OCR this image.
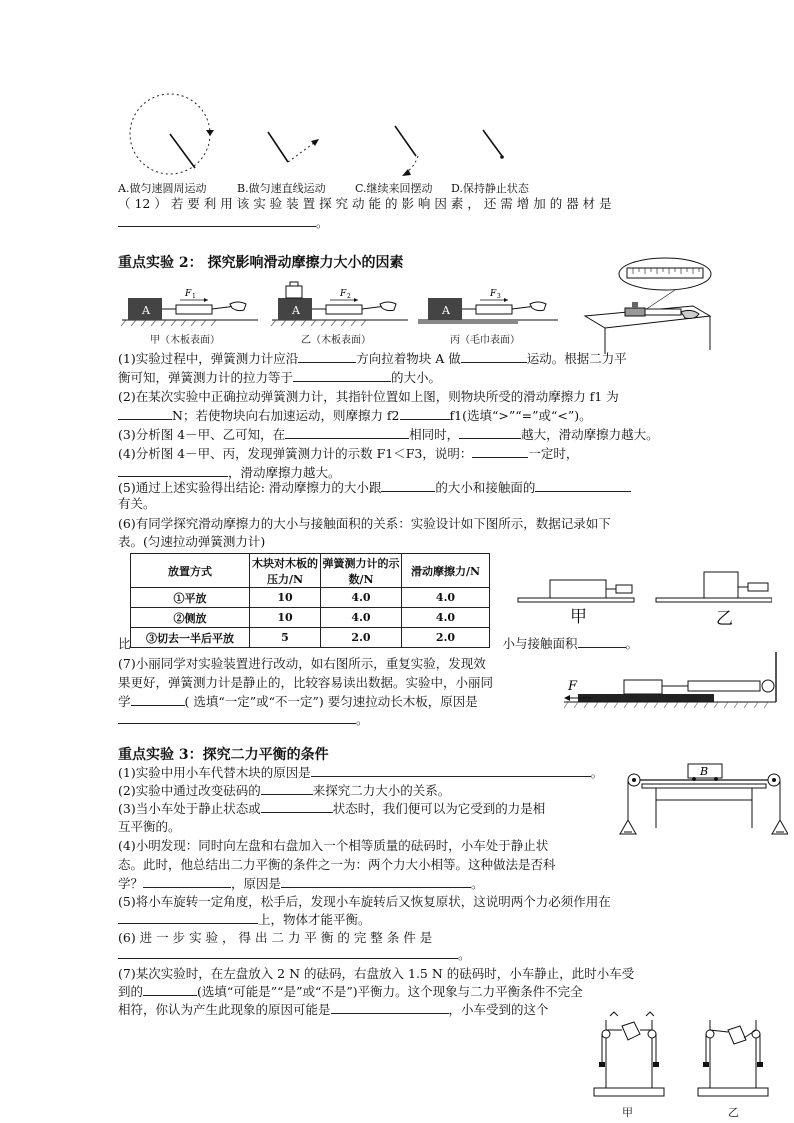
A.做匀速圆周运动	B.做匀速直线运动	C.继续来回摆动 D.保持静止状态
（ 12 ） 若 要 利 用 该 实 验 装 置 探 究 动 能 的 影 响 因 素 ， 还 需 增 加 的 器 材 是
。
重点实验 2： 探究影响滑动摩擦力大小的因素
A
F 1
A
F 2
A
F 3
甲（木板表面）	乙（木板表面）	丙（毛巾表面）
(1)实验过程中，弹簧测力计应沿	方向拉着物块 A 做	运动。根据二力平
衡可知，弹簧测力计的拉力等于	的大小。
(2)在某次实验中正确拉动弹簧测力计，其指针位置如上图，则物块所受的滑动摩擦力 f1 为
N；若使物块向右加速运动，则摩擦力 f2	f1(选填“>”“=”或“<”)。
(3)分析图 4－甲、乙可知，在	相同时，	越大，滑动摩擦力越大。
(4)分析图 4－甲、丙，发现弹簧测力计的示数 F1＜F3，说明：	一定时，
，滑动摩擦力越大。
(5)通过上述实验得出结论: 滑动摩擦力的大小跟	的大小和接触面的
有关。
(6)有同学探究滑动摩擦力的大小与接触面积的关系：实验设计如下图所示，数据记录如下
表。(匀速拉动弹簧测力计)
放置方式	木块对木板的压力/N	弹簧测力计的示数/N	滑动摩擦力/N
①平放	10	4.0	4.0
②侧放	10	4.0	4.0
③切去一半后平放	5	2.0	2.0
甲	乙
比	小与接触面积	。
(7)小丽同学对实验装置进行改动，如右图所示，重复实验，发现效
果更好，弹簧测力计是静止的，比较容易读出数据。实验中，小丽同
学	( 选填“一定”或“不一定”) 要匀速拉动长木板，原因是
。
F
重点实验 3：探究二力平衡的条件
(1)实验中用小车代替木块的原因是	。
(2)实验中通过改变砝码的	来探究二力大小的关系。
(3)当小车处于静止状态或	状态时，我们便可以为它受到的力是相
互平衡的。
(4)小明发现：同时向左盘和右盘加入一个相等质量的砝码时，小车处于静止状
态。此时，他总结出二力平衡的条件之一为：两个力大小相等。这种做法是否科
学？	，原因是	。
(5)将小车旋转一定角度，松手后，发现小车旋转后又恢复原状，这说明两个力必须作用在
上，物体才能平衡。
(6) 进 一 步 实 验 ， 得 出 二 力 平 衡 的 完 整 条 件 是
。
(7)某次实验时，在左盘放入 2 N 的砝码，右盘放入 1.5 N 的砝码时，小车静止，此时小车受
到的	(选填“可能是”“是”或“不是”)平衡力。这个现象与二力平衡条件不完全
相符，你认为产生此现象的原因可能是	，小车受到的这个
B
甲	乙
